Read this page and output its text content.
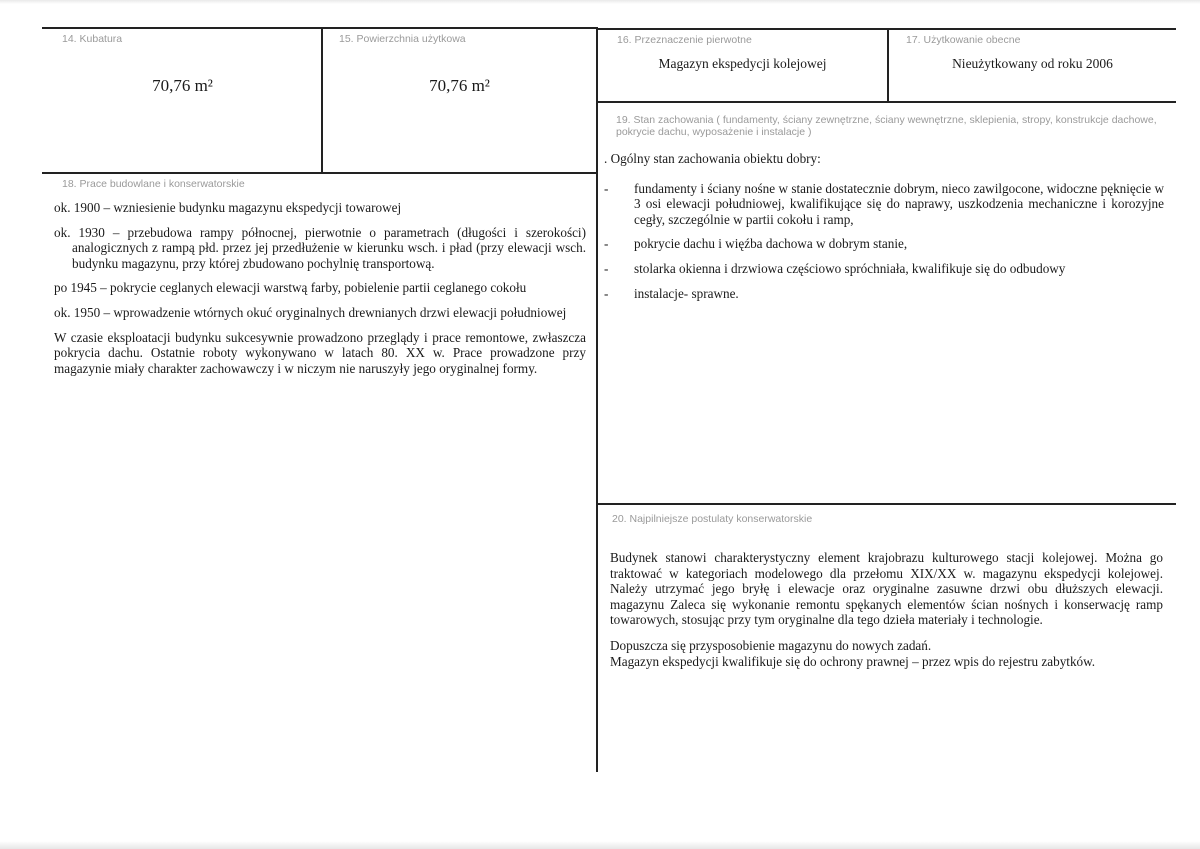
14. Kubatura
70,76 m²
15. Powierzchnia użytkowa
70,76 m²
16. Przeznaczenie pierwotne
Magazyn ekspedycji kolejowej
17. Użytkowanie obecne
Nieużytkowany od roku 2006
18. Prace budowlane i konserwatorskie

ok. 1900 – wzniesienie budynku magazynu ekspedycji towarowej

ok. 1930 – przebudowa rampy północnej, pierwotnie o parametrach (długości i szerokości) analogicznych z rampą płd. przez jej przedłużenie w kierunku wsch. i pład (przy elewacji wsch. budynku magazynu, przy której zbudowano pochylnię transportową.

po 1945 – pokrycie ceglanych elewacji warstwą farby, pobielenie partii ceglanego cokołu

ok. 1950 – wprowadzenie wtórnych okuć oryginalnych drewnianych drzwi elewacji południowej

W czasie eksploatacji budynku sukcesywnie prowadzono przeglądy i prace remontowe, zwłaszcza pokrycia dachu. Ostatnie roboty wykonywano w latach 80. XX w. Prace prowadzone przy magazynie miały charakter zachowawczy i w niczym nie naruszyły jego oryginalnej formy.

19. Stan zachowania ( fundamenty, ściany zewnętrzne, ściany wewnętrzne, sklepienia, stropy, konstrukcje dachowe, pokrycie dachu, wyposażenie i instalacje )

. Ogólny stan zachowania obiektu dobry:

-	fundamenty i ściany nośne w stanie dostatecznie dobrym, nieco zawilgocone, widoczne pęknięcie w 3 osi elewacji południowej, kwalifikujące się do naprawy, uszkodzenia mechaniczne i korozyjne cegły, szczególnie w partii cokołu i ramp,
-	pokrycie dachu i więźba dachowa w dobrym stanie,
-	stolarka okienna i drzwiowa częściowo spróchniała, kwalifikuje się do odbudowy
-	instalacje- sprawne.
20. Najpilniejsze postulaty konserwatorskie

Budynek stanowi charakterystyczny element krajobrazu kulturowego stacji kolejowej. Można go traktować w kategoriach modelowego dla przełomu XIX/XX w. magazynu ekspedycji kolejowej. Należy utrzymać jego bryłę i elewacje oraz oryginalne zasuwne drzwi obu dłuższych elewacji. magazynu Zaleca się wykonanie remontu spękanych elementów ścian nośnych i konserwację ramp towarowych, stosując przy tym oryginalne dla tego dzieła materiały i technologie.

Dopuszcza się przysposobienie magazynu do nowych zadań.
Magazyn ekspedycji kwalifikuje się do ochrony prawnej – przez wpis do rejestru zabytków.
